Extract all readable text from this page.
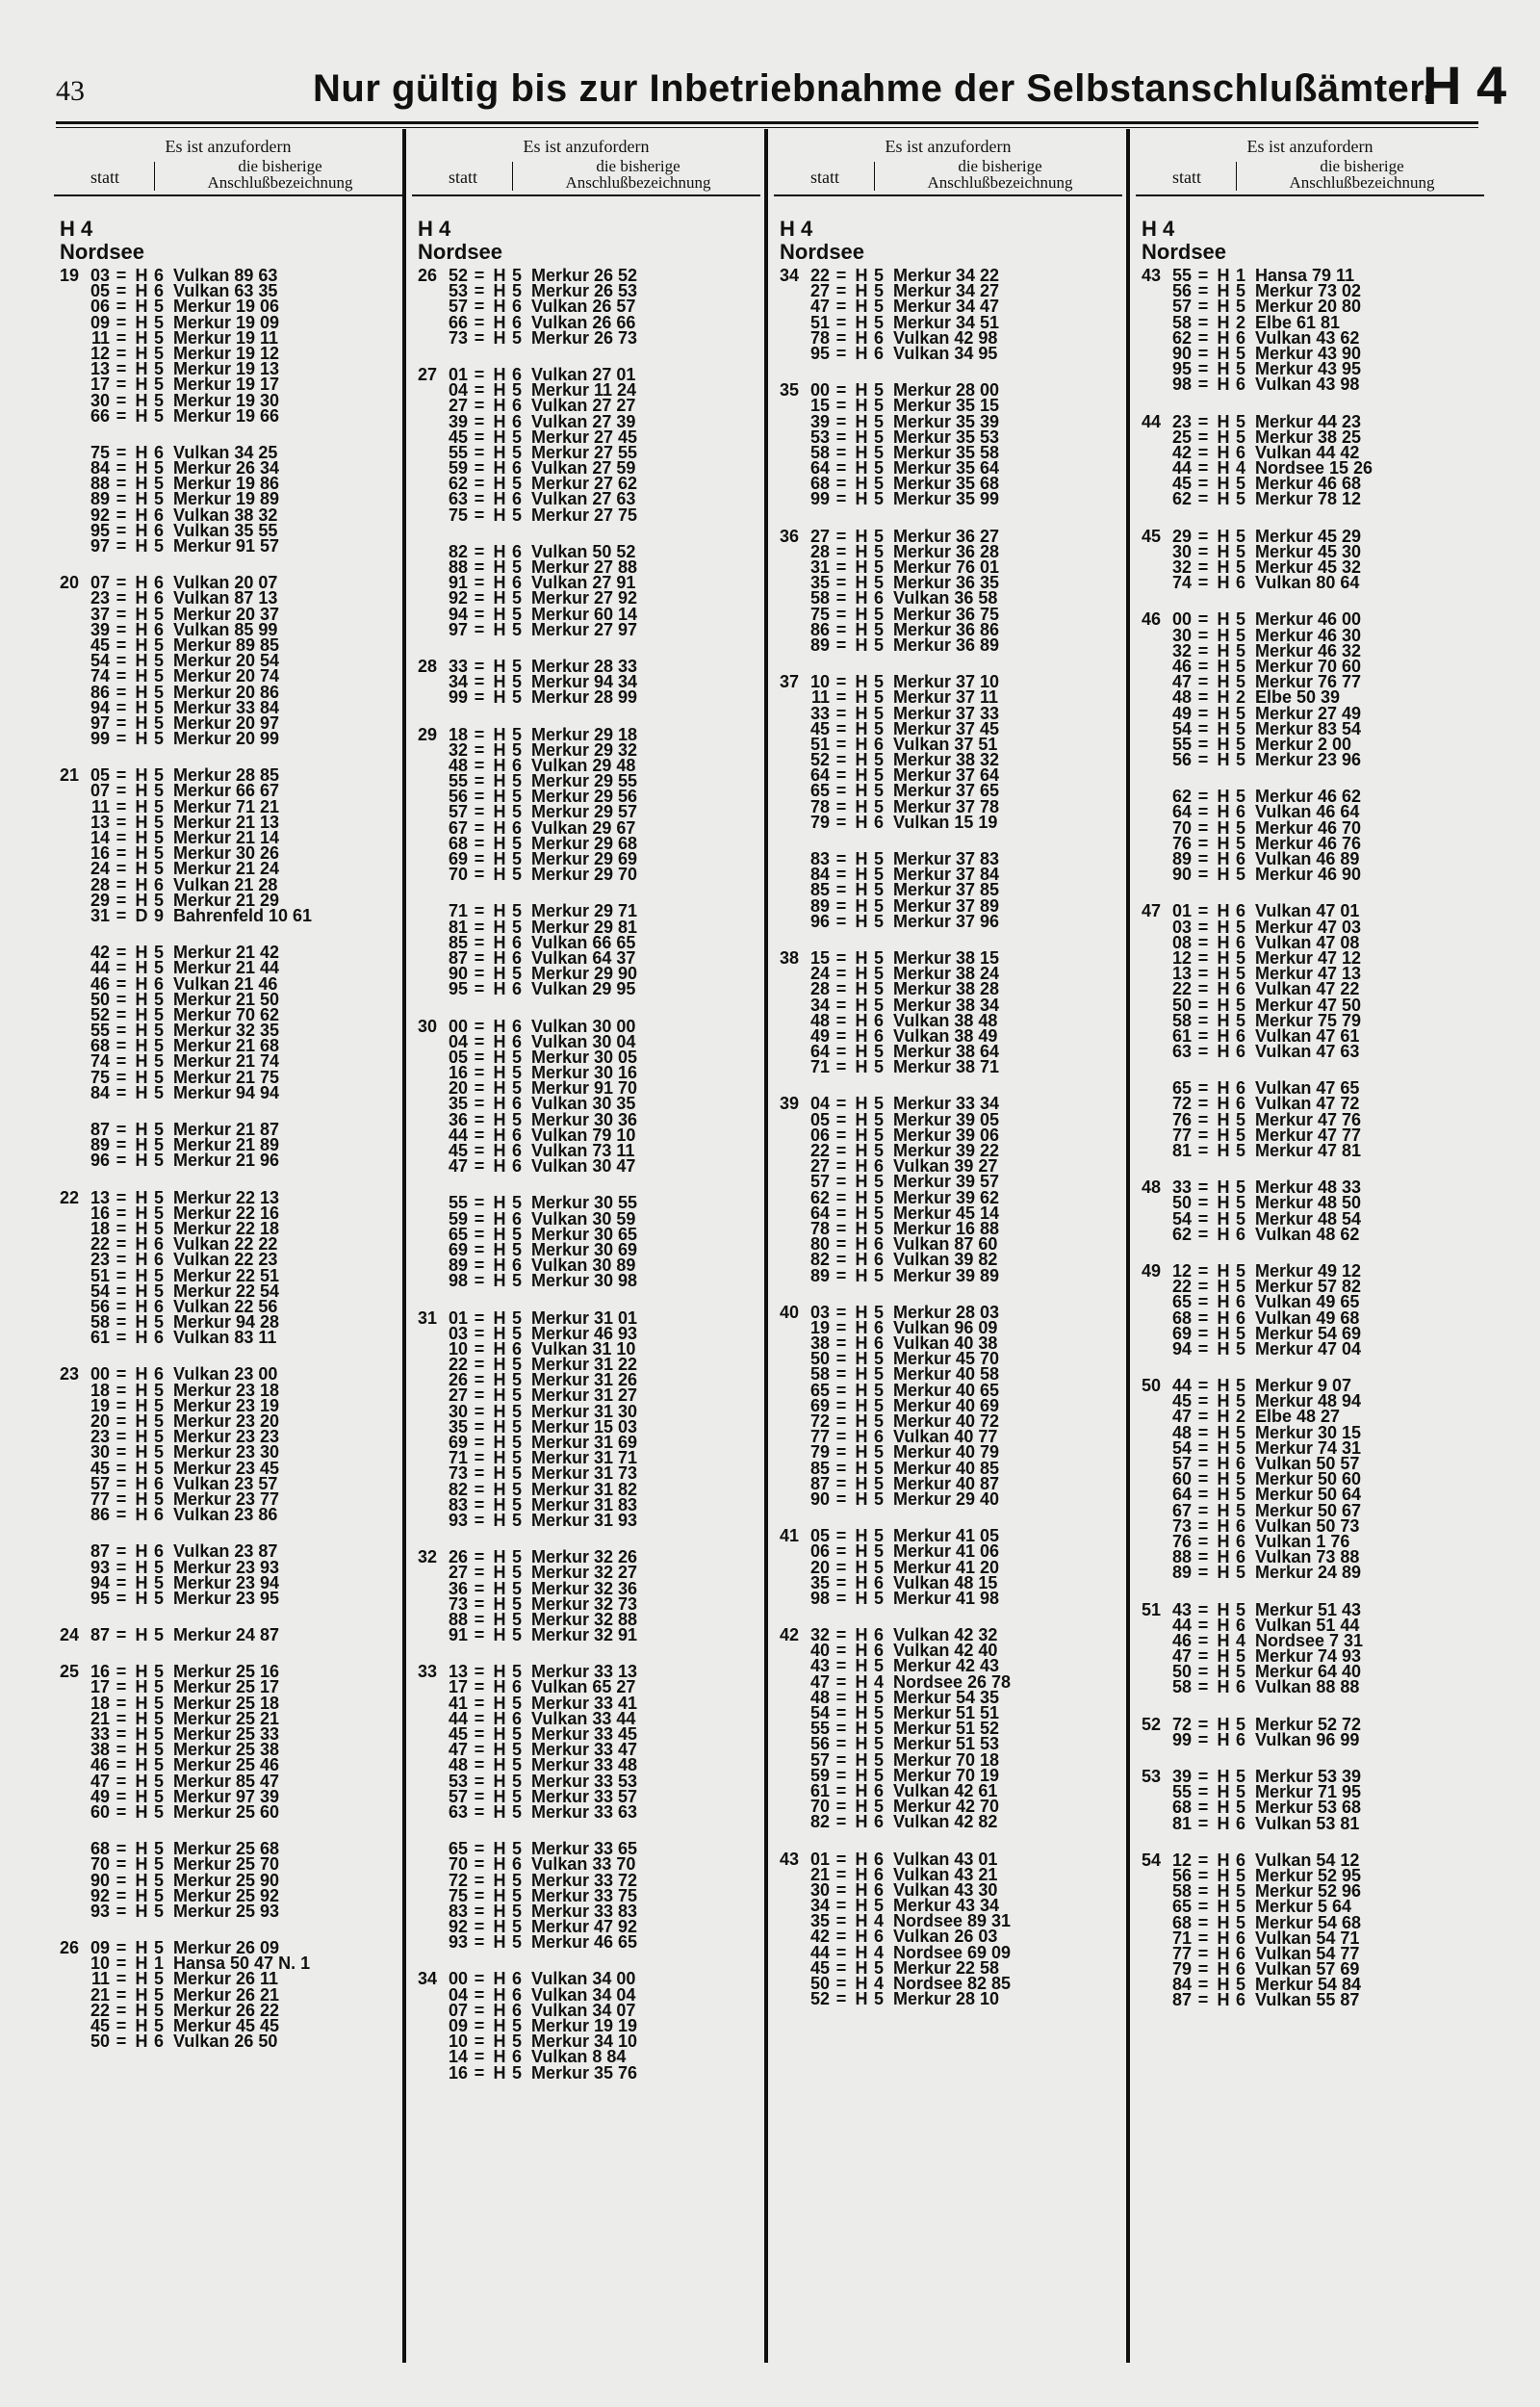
43	Nur gültig bis zur Inbetriebnahme der Selbstanschlußämter.
H 4
Es ist anzufordern
statt
die bisherige
Anschlußbezeichnung
H 4
Nordsee
19 03 = H 6 Vulkan 89 63
05 = H 6 Vulkan 63 35
06 = H 5 Merkur 19 06
09 = H 5 Merkur 19 09
11 = H 5 Merkur 19 11
12 = H 5 Merkur 19 12
13 = H 5 Merkur 19 13
17 = H 5 Merkur 19 17
30 = H 5 Merkur 19 30
66 = H 5 Merkur 19 66
75 = H 6 Vulkan 34 25
84 = H 5 Merkur 26 34
88 = H 5 Merkur 19 86
89 = H 5 Merkur 19 89
92 = H 6 Vulkan 38 32
95 = H 6 Vulkan 35 55
97 = H 5 Merkur 91 57
20 07 = H 6 Vulkan 20 07
23 = H 6 Vulkan 87 13
37 = H 5 Merkur 20 37
39 = H 6 Vulkan 85 99
45 = H 5 Merkur 89 85
54 = H 5 Merkur 20 54
74 = H 5 Merkur 20 74
86 = H 5 Merkur 20 86
94 = H 5 Merkur 33 84
97 = H 5 Merkur 20 97
99 = H 5 Merkur 20 99
21 05 = H 5 Merkur 28 85
07 = H 5 Merkur 66 67
11 = H 5 Merkur 71 21
13 = H 5 Merkur 21 13
14 = H 5 Merkur 21 14
16 = H 5 Merkur 30 26
24 = H 5 Merkur 21 24
28 = H 6 Vulkan 21 28
29 = H 5 Merkur 21 29
31 = D 9 Bahrenfeld 10 61
42 = H 5 Merkur 21 42
44 = H 5 Merkur 21 44
46 = H 6 Vulkan 21 46
50 = H 5 Merkur 21 50
52 = H 5 Merkur 70 62
55 = H 5 Merkur 32 35
68 = H 5 Merkur 21 68
74 = H 5 Merkur 21 74
75 = H 5 Merkur 21 75
84 = H 5 Merkur 94 94
87 = H 5 Merkur 21 87
89 = H 5 Merkur 21 89
96 = H 5 Merkur 21 96
22 13 = H 5 Merkur 22 13
16 = H 5 Merkur 22 16
18 = H 5 Merkur 22 18
22 = H 6 Vulkan 22 22
23 = H 6 Vulkan 22 23
51 = H 5 Merkur 22 51
54 = H 5 Merkur 22 54
56 = H 6 Vulkan 22 56
58 = H 5 Merkur 94 28
61 = H 6 Vulkan 83 11
23 00 = H 6 Vulkan 23 00
18 = H 5 Merkur 23 18
19 = H 5 Merkur 23 19
20 = H 5 Merkur 23 20
23 = H 5 Merkur 23 23
30 = H 5 Merkur 23 30
45 = H 5 Merkur 23 45
57 = H 6 Vulkan 23 57
77 = H 5 Merkur 23 77
86 = H 6 Vulkan 23 86
87 = H 6 Vulkan 23 87
93 = H 5 Merkur 23 93
94 = H 5 Merkur 23 94
95 = H 5 Merkur 23 95
24 87 = H 5 Merkur 24 87
25 16 = H 5 Merkur 25 16
17 = H 5 Merkur 25 17
18 = H 5 Merkur 25 18
21 = H 5 Merkur 25 21
33 = H 5 Merkur 25 33
38 = H 5 Merkur 25 38
46 = H 5 Merkur 25 46
47 = H 5 Merkur 85 47
49 = H 5 Merkur 97 39
60 = H 5 Merkur 25 60
68 = H 5 Merkur 25 68
70 = H 5 Merkur 25 70
90 = H 5 Merkur 25 90
92 = H 5 Merkur 25 92
93 = H 5 Merkur 25 93
26 09 = H 5 Merkur 26 09
10 = H 1 Hansa 50 47 N. 1
11 = H 5 Merkur 26 11
21 = H 5 Merkur 26 21
22 = H 5 Merkur 26 22
45 = H 5 Merkur 45 45
50 = H 6 Vulkan 26 50
Es ist anzufordern
statt
die bisherige
Anschlußbezeichnung
H 4
Nordsee
26 52 = H 5 Merkur 26 52
53 = H 5 Merkur 26 53
57 = H 6 Vulkan 26 57
66 = H 6 Vulkan 26 66
73 = H 5 Merkur 26 73
27 01 = H 6 Vulkan 27 01
04 = H 5 Merkur 11 24
27 = H 6 Vulkan 27 27
39 = H 6 Vulkan 27 39
45 = H 5 Merkur 27 45
55 = H 5 Merkur 27 55
59 = H 6 Vulkan 27 59
62 = H 5 Merkur 27 62
63 = H 6 Vulkan 27 63
75 = H 5 Merkur 27 75
82 = H 6 Vulkan 50 52
88 = H 5 Merkur 27 88
91 = H 6 Vulkan 27 91
92 = H 5 Merkur 27 92
94 = H 5 Merkur 60 14
97 = H 5 Merkur 27 97
28 33 = H 5 Merkur 28 33
34 = H 5 Merkur 94 34
99 = H 5 Merkur 28 99
29 18 = H 5 Merkur 29 18
32 = H 5 Merkur 29 32
48 = H 6 Vulkan 29 48
55 = H 5 Merkur 29 55
56 = H 5 Merkur 29 56
57 = H 5 Merkur 29 57
67 = H 6 Vulkan 29 67
68 = H 5 Merkur 29 68
69 = H 5 Merkur 29 69
70 = H 5 Merkur 29 70
71 = H 5 Merkur 29 71
81 = H 5 Merkur 29 81
85 = H 6 Vulkan 66 65
87 = H 6 Vulkan 64 37
90 = H 5 Merkur 29 90
95 = H 6 Vulkan 29 95
30 00 = H 6 Vulkan 30 00
04 = H 6 Vulkan 30 04
05 = H 5 Merkur 30 05
16 = H 5 Merkur 30 16
20 = H 5 Merkur 91 70
35 = H 6 Vulkan 30 35
36 = H 5 Merkur 30 36
44 = H 6 Vulkan 79 10
45 = H 6 Vulkan 73 11
47 = H 6 Vulkan 30 47
55 = H 5 Merkur 30 55
59 = H 6 Vulkan 30 59
65 = H 5 Merkur 30 65
69 = H 5 Merkur 30 69
89 = H 6 Vulkan 30 89
98 = H 5 Merkur 30 98
31 01 = H 5 Merkur 31 01
03 = H 5 Merkur 46 93
10 = H 6 Vulkan 31 10
22 = H 5 Merkur 31 22
26 = H 5 Merkur 31 26
27 = H 5 Merkur 31 27
30 = H 5 Merkur 31 30
35 = H 5 Merkur 15 03
69 = H 5 Merkur 31 69
71 = H 5 Merkur 31 71
73 = H 5 Merkur 31 73
82 = H 5 Merkur 31 82
83 = H 5 Merkur 31 83
93 = H 5 Merkur 31 93
32 26 = H 5 Merkur 32 26
27 = H 5 Merkur 32 27
36 = H 5 Merkur 32 36
73 = H 5 Merkur 32 73
88 = H 5 Merkur 32 88
91 = H 5 Merkur 32 91
33 13 = H 5 Merkur 33 13
17 = H 6 Vulkan 65 27
41 = H 5 Merkur 33 41
44 = H 6 Vulkan 33 44
45 = H 5 Merkur 33 45
47 = H 5 Merkur 33 47
48 = H 5 Merkur 33 48
53 = H 5 Merkur 33 53
57 = H 5 Merkur 33 57
63 = H 5 Merkur 33 63
65 = H 5 Merkur 33 65
70 = H 6 Vulkan 33 70
72 = H 5 Merkur 33 72
75 = H 5 Merkur 33 75
83 = H 5 Merkur 33 83
92 = H 5 Merkur 47 92
93 = H 5 Merkur 46 65
34 00 = H 6 Vulkan 34 00
04 = H 6 Vulkan 34 04
07 = H 6 Vulkan 34 07
09 = H 5 Merkur 19 19
10 = H 5 Merkur 34 10
14 = H 6 Vulkan 8 84
16 = H 5 Merkur 35 76
Es ist anzufordern
statt
die bisherige
Anschlußbezeichnung
H 4
Nordsee
34 22 = H 5 Merkur 34 22
27 = H 5 Merkur 34 27
47 = H 5 Merkur 34 47
51 = H 5 Merkur 34 51
78 = H 6 Vulkan 42 98
95 = H 6 Vulkan 34 95
35 00 = H 5 Merkur 28 00
15 = H 5 Merkur 35 15
39 = H 5 Merkur 35 39
53 = H 5 Merkur 35 53
58 = H 5 Merkur 35 58
64 = H 5 Merkur 35 64
68 = H 5 Merkur 35 68
99 = H 5 Merkur 35 99
36 27 = H 5 Merkur 36 27
28 = H 5 Merkur 36 28
31 = H 5 Merkur 76 01
35 = H 5 Merkur 36 35
58 = H 6 Vulkan 36 58
75 = H 5 Merkur 36 75
86 = H 5 Merkur 36 86
89 = H 5 Merkur 36 89
37 10 = H 5 Merkur 37 10
11 = H 5 Merkur 37 11
33 = H 5 Merkur 37 33
45 = H 5 Merkur 37 45
51 = H 6 Vulkan 37 51
52 = H 5 Merkur 38 32
64 = H 5 Merkur 37 64
65 = H 5 Merkur 37 65
78 = H 5 Merkur 37 78
79 = H 6 Vulkan 15 19
83 = H 5 Merkur 37 83
84 = H 5 Merkur 37 84
85 = H 5 Merkur 37 85
89 = H 5 Merkur 37 89
96 = H 5 Merkur 37 96
38 15 = H 5 Merkur 38 15
24 = H 5 Merkur 38 24
28 = H 5 Merkur 38 28
34 = H 5 Merkur 38 34
48 = H 6 Vulkan 38 48
49 = H 6 Vulkan 38 49
64 = H 5 Merkur 38 64
71 = H 5 Merkur 38 71
39 04 = H 5 Merkur 33 34
05 = H 5 Merkur 39 05
06 = H 5 Merkur 39 06
22 = H 5 Merkur 39 22
27 = H 6 Vulkan 39 27
57 = H 5 Merkur 39 57
62 = H 5 Merkur 39 62
64 = H 5 Merkur 45 14
78 = H 5 Merkur 16 88
80 = H 6 Vulkan 87 60
82 = H 6 Vulkan 39 82
89 = H 5 Merkur 39 89
40 03 = H 5 Merkur 28 03
19 = H 6 Vulkan 96 09
38 = H 6 Vulkan 40 38
50 = H 5 Merkur 45 70
58 = H 5 Merkur 40 58
65 = H 5 Merkur 40 65
69 = H 5 Merkur 40 69
72 = H 5 Merkur 40 72
77 = H 6 Vulkan 40 77
79 = H 5 Merkur 40 79
85 = H 5 Merkur 40 85
87 = H 5 Merkur 40 87
90 = H 5 Merkur 29 40
41 05 = H 5 Merkur 41 05
06 = H 5 Merkur 41 06
20 = H 5 Merkur 41 20
35 = H 6 Vulkan 48 15
98 = H 5 Merkur 41 98
42 32 = H 6 Vulkan 42 32
40 = H 6 Vulkan 42 40
43 = H 5 Merkur 42 43
47 = H 4 Nordsee 26 78
48 = H 5 Merkur 54 35
54 = H 5 Merkur 51 51
55 = H 5 Merkur 51 52
56 = H 5 Merkur 51 53
57 = H 5 Merkur 70 18
59 = H 5 Merkur 70 19
61 = H 6 Vulkan 42 61
70 = H 5 Merkur 42 70
82 = H 6 Vulkan 42 82
43 01 = H 6 Vulkan 43 01
21 = H 6 Vulkan 43 21
30 = H 6 Vulkan 43 30
34 = H 5 Merkur 43 34
35 = H 4 Nordsee 89 31
42 = H 6 Vulkan 26 03
44 = H 4 Nordsee 69 09
45 = H 5 Merkur 22 58
50 = H 4 Nordsee 82 85
52 = H 5 Merkur 28 10
Es ist anzufordern
statt
die bisherige
Anschlußbezeichnung
H 4
Nordsee
43 55 = H 1 Hansa 79 11
56 = H 5 Merkur 73 02
57 = H 5 Merkur 20 80
58 = H 2 Elbe 61 81
62 = H 6 Vulkan 43 62
90 = H 5 Merkur 43 90
95 = H 5 Merkur 43 95
98 = H 6 Vulkan 43 98
44 23 = H 5 Merkur 44 23
25 = H 5 Merkur 38 25
42 = H 6 Vulkan 44 42
44 = H 4 Nordsee 15 26
45 = H 5 Merkur 46 68
62 = H 5 Merkur 78 12
45 29 = H 5 Merkur 45 29
30 = H 5 Merkur 45 30
32 = H 5 Merkur 45 32
74 = H 6 Vulkan 80 64
46 00 = H 5 Merkur 46 00
30 = H 5 Merkur 46 30
32 = H 5 Merkur 46 32
46 = H 5 Merkur 70 60
47 = H 5 Merkur 76 77
48 = H 2 Elbe 50 39
49 = H 5 Merkur 27 49
54 = H 5 Merkur 83 54
55 = H 5 Merkur 2 00
56 = H 5 Merkur 23 96
62 = H 5 Merkur 46 62
64 = H 6 Vulkan 46 64
70 = H 5 Merkur 46 70
76 = H 5 Merkur 46 76
89 = H 6 Vulkan 46 89
90 = H 5 Merkur 46 90
47 01 = H 6 Vulkan 47 01
03 = H 5 Merkur 47 03
08 = H 6 Vulkan 47 08
12 = H 5 Merkur 47 12
13 = H 5 Merkur 47 13
22 = H 6 Vulkan 47 22
50 = H 5 Merkur 47 50
58 = H 5 Merkur 75 79
61 = H 6 Vulkan 47 61
63 = H 6 Vulkan 47 63
65 = H 6 Vulkan 47 65
72 = H 6 Vulkan 47 72
76 = H 5 Merkur 47 76
77 = H 5 Merkur 47 77
81 = H 5 Merkur 47 81
48 33 = H 5 Merkur 48 33
50 = H 5 Merkur 48 50
54 = H 5 Merkur 48 54
62 = H 6 Vulkan 48 62
49 12 = H 5 Merkur 49 12
22 = H 5 Merkur 57 82
65 = H 6 Vulkan 49 65
68 = H 6 Vulkan 49 68
69 = H 5 Merkur 54 69
94 = H 5 Merkur 47 04
50 44 = H 5 Merkur 9 07
45 = H 5 Merkur 48 94
47 = H 2 Elbe 48 27
48 = H 5 Merkur 30 15
54 = H 5 Merkur 74 31
57 = H 6 Vulkan 50 57
60 = H 5 Merkur 50 60
64 = H 5 Merkur 50 64
67 = H 5 Merkur 50 67
73 = H 6 Vulkan 50 73
76 = H 6 Vulkan 1 76
88 = H 6 Vulkan 73 88
89 = H 5 Merkur 24 89
51 43 = H 5 Merkur 51 43
44 = H 6 Vulkan 51 44
46 = H 4 Nordsee 7 31
47 = H 5 Merkur 74 93
50 = H 5 Merkur 64 40
58 = H 6 Vulkan 88 88
52 72 = H 5 Merkur 52 72
99 = H 6 Vulkan 96 99
53 39 = H 5 Merkur 53 39
55 = H 5 Merkur 71 95
68 = H 5 Merkur 53 68
81 = H 6 Vulkan 53 81
54 12 = H 6 Vulkan 54 12
56 = H 5 Merkur 52 95
58 = H 5 Merkur 52 96
65 = H 5 Merkur 5 64
68 = H 5 Merkur 54 68
71 = H 6 Vulkan 54 71
77 = H 6 Vulkan 54 77
79 = H 6 Vulkan 57 69
84 = H 5 Merkur 54 84
87 = H 6 Vulkan 55 87
